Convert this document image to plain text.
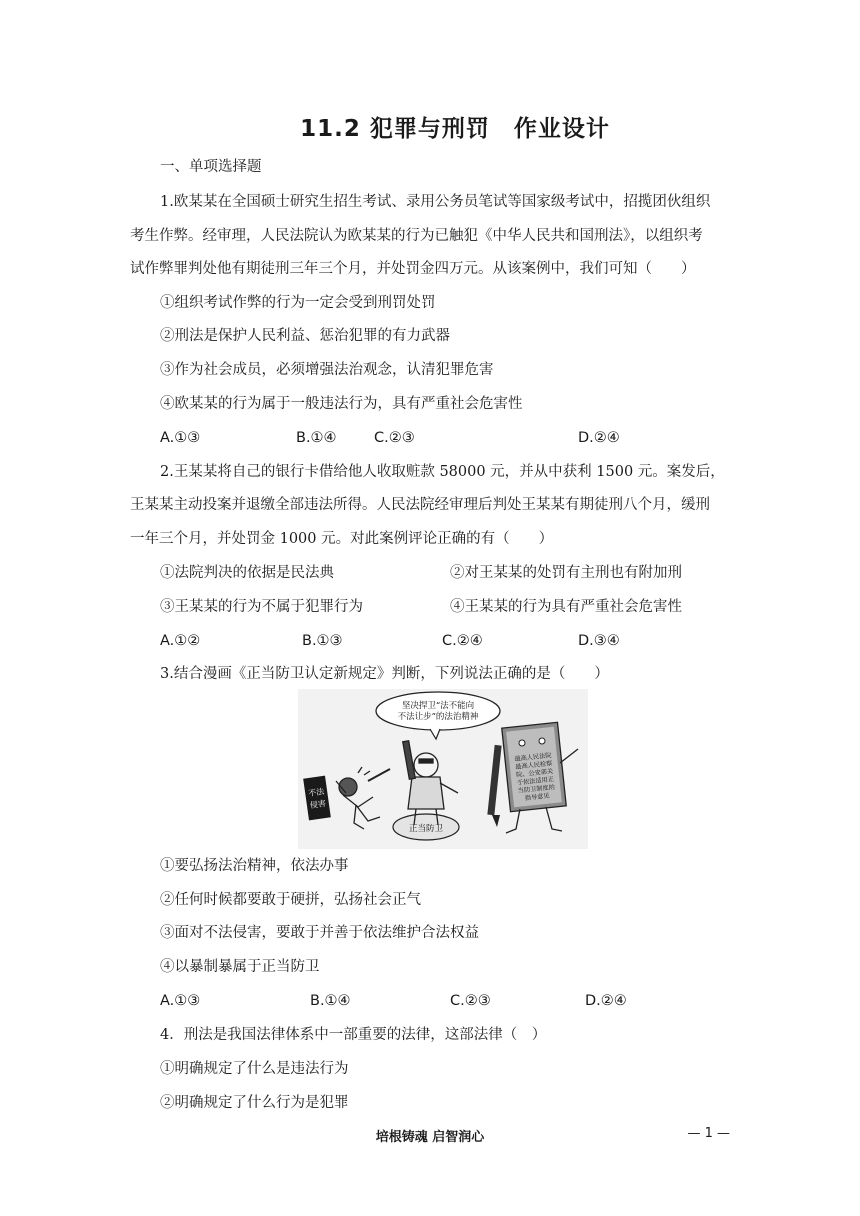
11.2 犯罪与刑罚　作业设计
一、单项选择题
1.欧某某在全国硕士研究生招生考试、录用公务员笔试等国家级考试中，招揽团伙组织
考生作弊。经审理，人民法院认为欧某某的行为已触犯《中华人民共和国刑法》，以组织考
试作弊罪判处他有期徒刑三年三个月，并处罚金四万元。从该案例中，我们可知（　　）
①组织考试作弊的行为一定会受到刑罚处罚
②刑法是保护人民利益、惩治犯罪的有力武器
③作为社会成员，必须增强法治观念，认清犯罪危害
④欧某某的行为属于一般违法行为，具有严重社会危害性
A.①③	B.①④	C.②③	D.②④
2.王某某将自己的银行卡借给他人收取赃款 58000 元，并从中获利 1500 元。案发后，
王某某主动投案并退缴全部违法所得。人民法院经审理后判处王某某有期徒刑八个月，缓刑
一年三个月，并处罚金 1000 元。对此案例评论正确的有（　　）
①法院判决的依据是民法典	②对王某某的处罚有主刑也有附加刑
③王某某的行为不属于犯罪行为	④王某某的行为具有严重社会危害性
A.①②	B.①③	C.②④	D.③④
3.结合漫画《正当防卫认定新规定》判断，下列说法正确的是（　　）
坚决捍卫“法不能向
不法让步”的法治精神
正当防卫
不法
侵害
最高人民法院
最高人民检察
院、公安部关
于依法适用正
当防卫制度的
指导意见
①要弘扬法治精神，依法办事
②任何时候都要敢于硬拼，弘扬社会正气
③面对不法侵害，要敢于并善于依法维护合法权益
④以暴制暴属于正当防卫
A.①③	B.①④	C.②③	D.②④
4．刑法是我国法律体系中一部重要的法律，这部法律（　）
①明确规定了什么是违法行为
②明确规定了什么行为是犯罪
培根铸魂 启智润心	— 1 —
